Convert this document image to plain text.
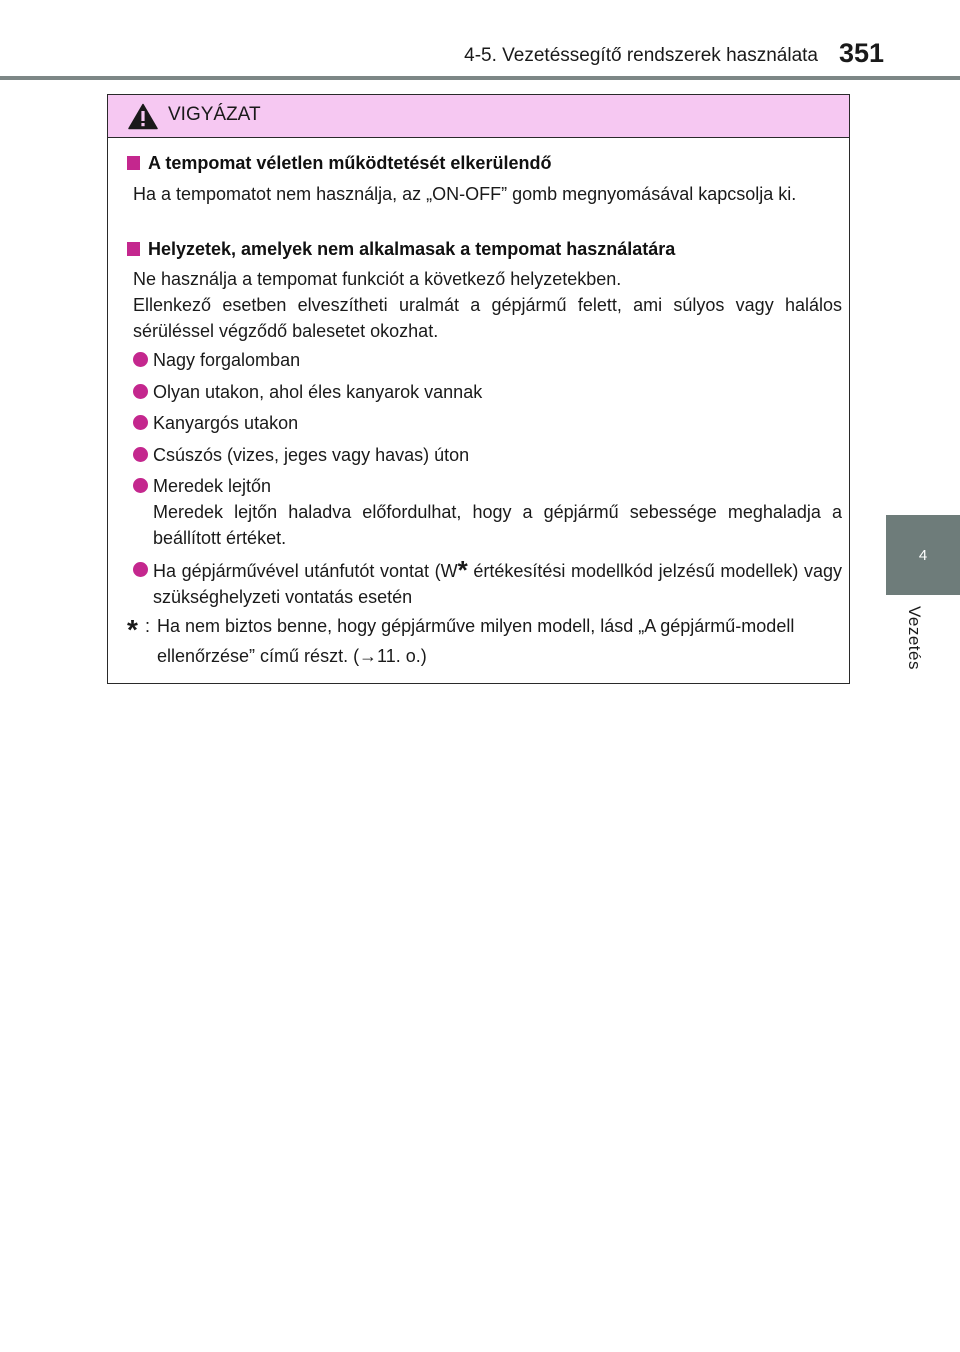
4-5. Vezetéssegítő rendszerek használata 351
4
Vezetés
VIGYÁZAT
A tempomat véletlen működtetését elkerülendő
Ha a tempomatot nem használja, az „ON-OFF” gomb megnyomásával kapcsolja ki.
Helyzetek, amelyek nem alkalmasak a tempomat használatára
Ne használja a tempomat funkciót a következő helyzetekben.
Ellenkező esetben elveszítheti uralmát a gépjármű felett, ami súlyos vagy halálos sérüléssel végződő balesetet okozhat.
Nagy forgalomban
Olyan utakon, ahol éles kanyarok vannak
Kanyargós utakon
Csúszós (vizes, jeges vagy havas) úton
Meredek lejtőn
Meredek lejtőn haladva előfordulhat, hogy a gépjármű sebessége meghaladja a beállított értéket.
Ha gépjárművével utánfutót vontat (W* értékesítési modellkód jelzésű modellek) vagy szükséghelyzeti vontatás esetén
* : Ha nem biztos benne, hogy gépjárműve milyen modell, lásd „A gépjármű-modell ellenőrzése” című részt. (→11. o.)
